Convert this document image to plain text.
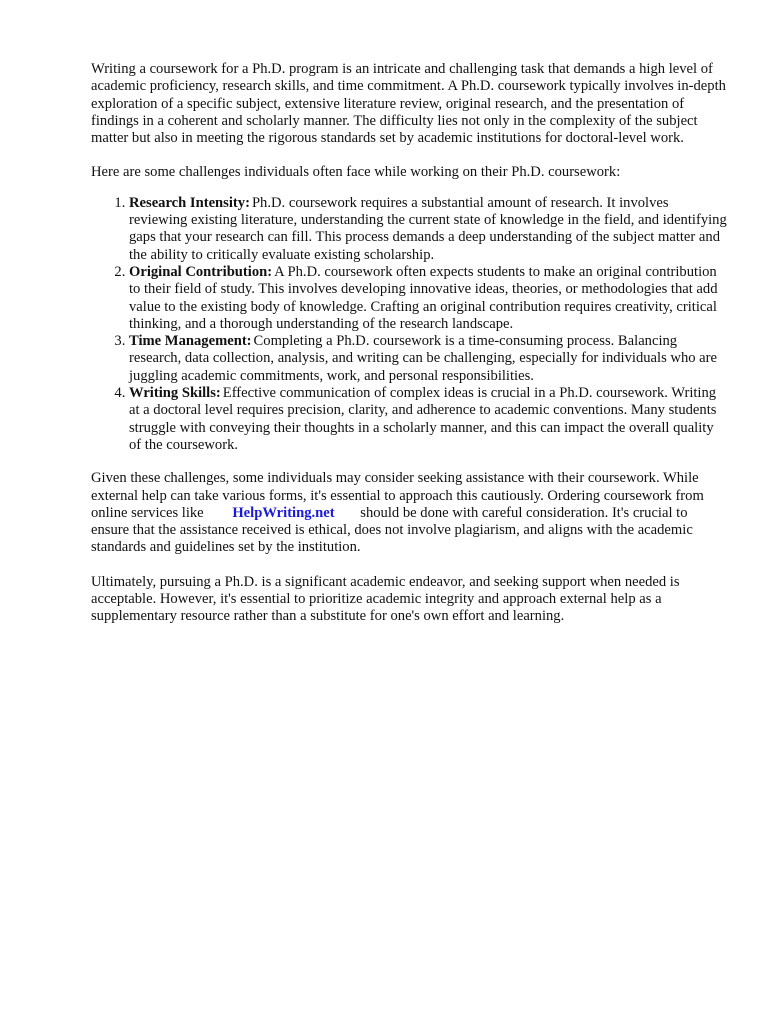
Writing a coursework for a Ph.D. program is an intricate and challenging task that demands a high level of academic proficiency, research skills, and time commitment. A Ph.D. coursework typically involves in-depth exploration of a specific subject, extensive literature review, original research, and the presentation of findings in a coherent and scholarly manner. The difficulty lies not only in the complexity of the subject matter but also in meeting the rigorous standards set by academic institutions for doctoral-level work.

Here are some challenges individuals often face while working on their Ph.D. coursework:

1. Research Intensity: Ph.D. coursework requires a substantial amount of research. It involves reviewing existing literature, understanding the current state of knowledge in the field, and identifying gaps that your research can fill. This process demands a deep understanding of the subject matter and the ability to critically evaluate existing scholarship.
2. Original Contribution: A Ph.D. coursework often expects students to make an original contribution to their field of study. This involves developing innovative ideas, theories, or methodologies that add value to the existing body of knowledge. Crafting an original contribution requires creativity, critical thinking, and a thorough understanding of the research landscape.
3. Time Management: Completing a Ph.D. coursework is a time-consuming process. Balancing research, data collection, analysis, and writing can be challenging, especially for individuals who are juggling academic commitments, work, and personal responsibilities.
4. Writing Skills: Effective communication of complex ideas is crucial in a Ph.D. coursework. Writing at a doctoral level requires precision, clarity, and adherence to academic conventions. Many students struggle with conveying their thoughts in a scholarly manner, and this can impact the overall quality of the coursework.

Given these challenges, some individuals may consider seeking assistance with their coursework. While external help can take various forms, it's essential to approach this cautiously. Ordering coursework from online services like HelpWriting.net should be done with careful consideration. It's crucial to ensure that the assistance received is ethical, does not involve plagiarism, and aligns with the academic standards and guidelines set by the institution.

Ultimately, pursuing a Ph.D. is a significant academic endeavor, and seeking support when needed is acceptable. However, it's essential to prioritize academic integrity and approach external help as a supplementary resource rather than a substitute for one's own effort and learning.
